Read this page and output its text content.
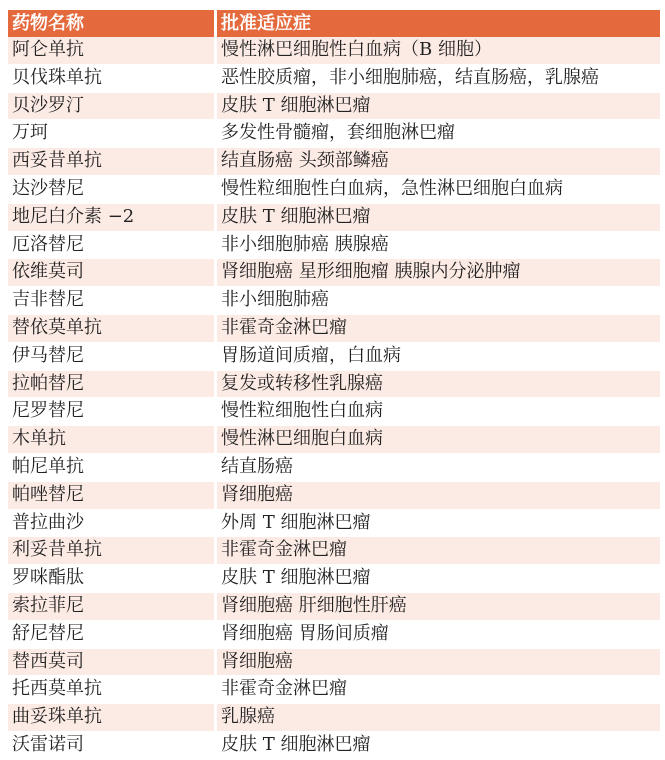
药物名称	批准适应症
阿仑单抗	慢性淋巴细胞性白血病（B 细胞）
贝伐珠单抗	恶性胶质瘤，非小细胞肺癌，结直肠癌，乳腺癌
贝沙罗汀	皮肤 T 细胞淋巴瘤
万珂	多发性骨髓瘤，套细胞淋巴瘤
西妥昔单抗	结直肠癌 头颈部鳞癌
达沙替尼	慢性粒细胞性白血病，急性淋巴细胞白血病
地尼白介素 −2	皮肤 T 细胞淋巴瘤
厄洛替尼	非小细胞肺癌 胰腺癌
依维莫司	肾细胞癌 星形细胞瘤 胰腺内分泌肿瘤
吉非替尼	非小细胞肺癌
替依莫单抗	非霍奇金淋巴瘤
伊马替尼	胃肠道间质瘤，白血病
拉帕替尼	复发或转移性乳腺癌
尼罗替尼	慢性粒细胞性白血病
木单抗	慢性淋巴细胞白血病
帕尼单抗	结直肠癌
帕唑替尼	肾细胞癌
普拉曲沙	外周 T 细胞淋巴瘤
利妥昔单抗	非霍奇金淋巴瘤
罗咪酯肽	皮肤 T 细胞淋巴瘤
索拉菲尼	肾细胞癌 肝细胞性肝癌
舒尼替尼	肾细胞癌 胃肠间质瘤
替西莫司	肾细胞癌
托西莫单抗	非霍奇金淋巴瘤
曲妥珠单抗	乳腺癌
沃雷诺司	皮肤 T 细胞淋巴瘤
